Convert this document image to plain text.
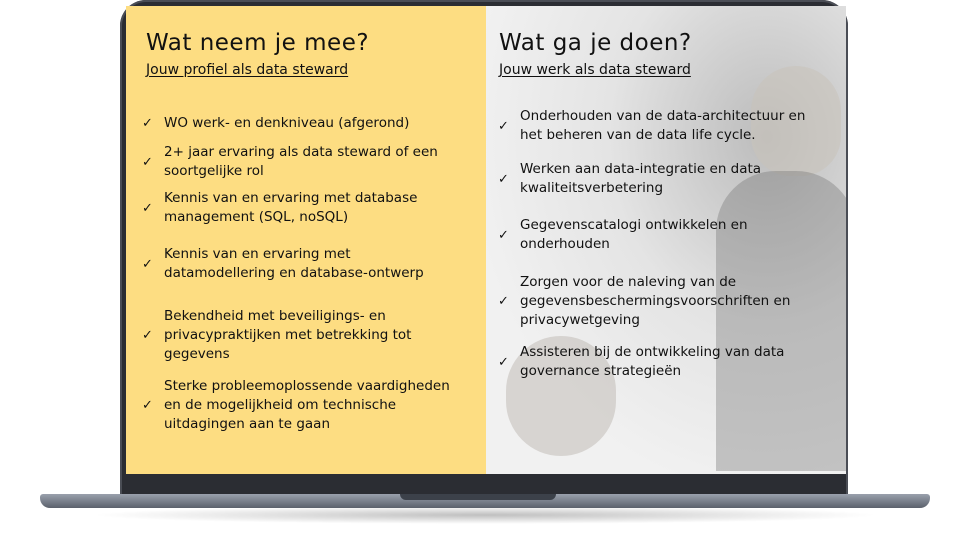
Wat neem je mee?
Jouw profiel als data steward
✓ WO werk- en denkniveau (afgerond)
✓
2+ jaar ervaring als data steward of een soortgelijke rol
✓
Kennis van en ervaring met database management (SQL, noSQL)
✓
Kennis van en ervaring met datamodellering en database-ontwerp
✓
Bekendheid met beveiligings- en privacypraktijken met betrekking tot gegevens
✓
Sterke probleemoplossende vaardigheden en de mogelijkheid om technische uitdagingen aan te gaan
Wat ga je doen?
Jouw werk als data steward
✓
Onderhouden van de data-architectuur en het beheren van de data life cycle.
✓
Werken aan data-integratie en data kwaliteitsverbetering
✓
Gegevenscatalogi ontwikkelen en onderhouden
✓
Zorgen voor de naleving van de gegevensbeschermingsvoorschriften en privacywetgeving
✓
Assisteren bij de ontwikkeling van data governance strategieën
